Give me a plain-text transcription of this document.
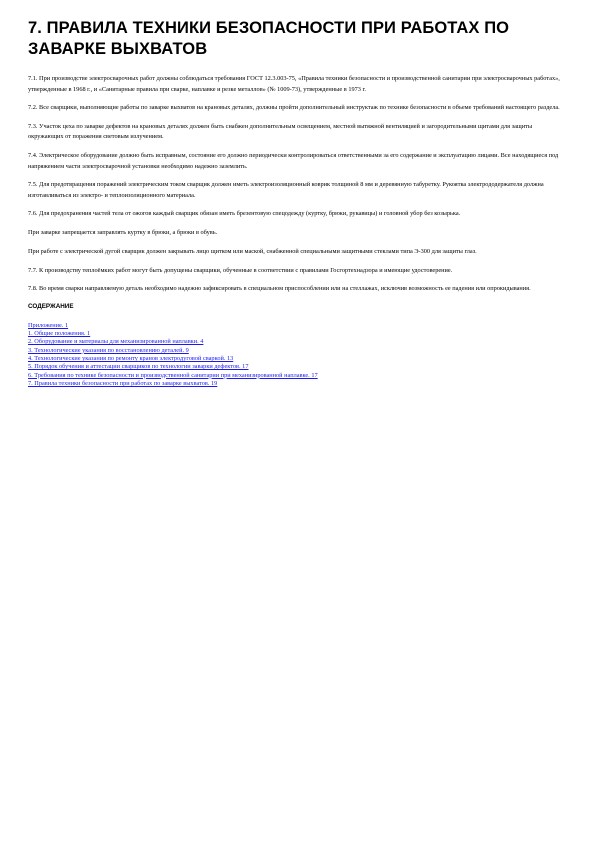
7. ПРАВИЛА ТЕХНИКИ БЕЗОПАСНОСТИ ПРИ РАБОТАХ ПО ЗАВАРКЕ ВЫХВАТОВ

7.1. При производстве электросварочных работ должны соблюдаться требования ГОСТ 12.3.003-75, «Правила техники безопасности и производственной санитарии при электросварочных работах», утвержденные в 1968 г., и «Санитарные правила при сварке, наплавке и резке металлов» (№ 1009-73), утвержденные в 1973 г.

7.2. Все сварщики, выполняющие работы по заварке выхватов на крановых деталях, должны пройти дополнительный инструктаж по технике безопасности в объеме требований настоящего раздела.

7.3. Участок цеха по заварке дефектов на крановых деталях должен быть снабжен дополнительным освещением, местной вытяжной вентиляцией и загородительными щитами для защиты окружающих от поражения световым излучением.

7.4. Электрическое оборудование должно быть исправным, состояние его должно периодически контролироваться ответственными за его содержание и эксплуатацию лицами. Все находящиеся под напряжением части электросварочной установки необходимо надежно заземлить.

7.5. Для предотвращения поражений электрическим током сварщик должен иметь электроизоляционный коврик толщиной 8 мм и деревянную табуретку. Рукоятка электрододержателя должна изготавливаться из электро- и теплоизоляционного материала.

7.6. Для предохранения частей тела от ожогов каждый сварщик обязан иметь брезентовую спецодежду (куртку, брюки, рукавицы) и головной убор без козырька.

При заварке запрещается заправлять куртку в брюки, а брюки в обувь.

При работе с электрической дугой сварщик должен закрывать лицо щитком или маской, снабженной специальными защитными стеклами типа Э-300 для защиты глаз.

7.7. К производству теплоёмких работ могут быть допущены сварщики, обученные в соответствии с правилами Госгортехнадзора и имеющие удостоверение.

7.8. Во время сварки направляемую деталь необходимо надежно зафиксировать в специальном приспособлении или на стеллажах, исключив возможность ее падения или опрокидывания.

СОДЕРЖАНИЕ
Приложение. 1
1. Общие положения. 1
2. Оборудование и материалы для механизированной наплавки. 4
3. Технологические указания по восстановлению деталей. 9
4. Технологические указания по ремонту кранов электродуговой сваркой. 13
5. Порядок обучения и аттестации сварщиков по технологии заварки дефектов. 17
6. Требования по технике безопасности и производственной санитарии при механизированной наплавке. 17
7. Правила техники безопасности при работах по заварке выхватов. 19
